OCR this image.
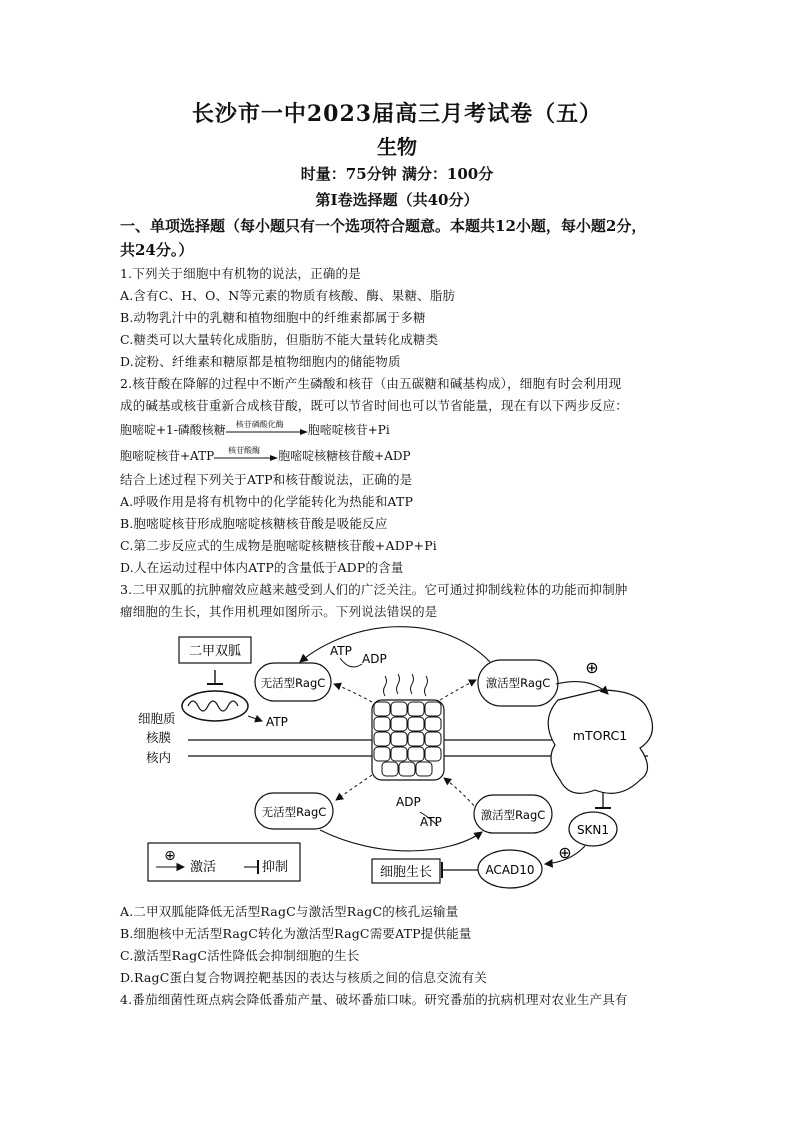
长沙市一中2023届高三月考试卷（五）
生物
时量：75分钟 满分：100分
第Ⅰ卷选择题（共40分）
一、单项选择题（每小题只有一个选项符合题意。本题共12小题，每小题2分，
共24分。）
1.下列关于细胞中有机物的说法，正确的是
A.含有C、H、O、N等元素的物质有核酸、酶、果糖、脂肪
B.动物乳汁中的乳糖和植物细胞中的纤维素都属于多糖
C.糖类可以大量转化成脂肪，但脂肪不能大量转化成糖类
D.淀粉、纤维素和糖原都是植物细胞内的储能物质
2.核苷酸在降解的过程中不断产生磷酸和核苷（由五碳糖和碱基构成），细胞有时会利用现
成的碱基或核苷重新合成核苷酸，既可以节省时间也可以节省能量，现在有以下两步反应：
胞嘧啶+1-磷酸核糖 核苷磷酸化酶 胞嘧啶核苷+Pi
胞嘧啶核苷+ATP 核苷酸酶 胞嘧啶核糖核苷酸+ADP
结合上述过程下列关于ATP和核苷酸说法，正确的是
A.呼吸作用是将有机物中的化学能转化为热能和ATP
B.胞嘧啶核苷形成胞嘧啶核糖核苷酸是吸能反应
C.第二步反应式的生成物是胞嘧啶核糖核苷酸+ADP+Pi
D.人在运动过程中体内ATP的含量低于ADP的含量
3.二甲双胍的抗肿瘤效应越来越受到人们的广泛关注。它可通过抑制线粒体的功能而抑制肿
瘤细胞的生长，其作用机理如图所示。下列说法错误的是
二甲双胍
ATP
细胞质
核膜
核内
无活型RagC	激活型RagC
ATP
ADP
无活型RagC	激活型RagC
ADP
ATP
mTORC1
⊕
SKN1
⊕
ACAD10
细胞生长
⊕
激活	抑制
A.二甲双胍能降低无活型RagC与激活型RagC的核孔运输量
B.细胞核中无活型RagC转化为激活型RagC需要ATP提供能量
C.激活型RagC活性降低会抑制细胞的生长
D.RagC蛋白复合物调控靶基因的表达与核质之间的信息交流有关
4.番茄细菌性斑点病会降低番茄产量、破坏番茄口味。研究番茄的抗病机理对农业生产具有
